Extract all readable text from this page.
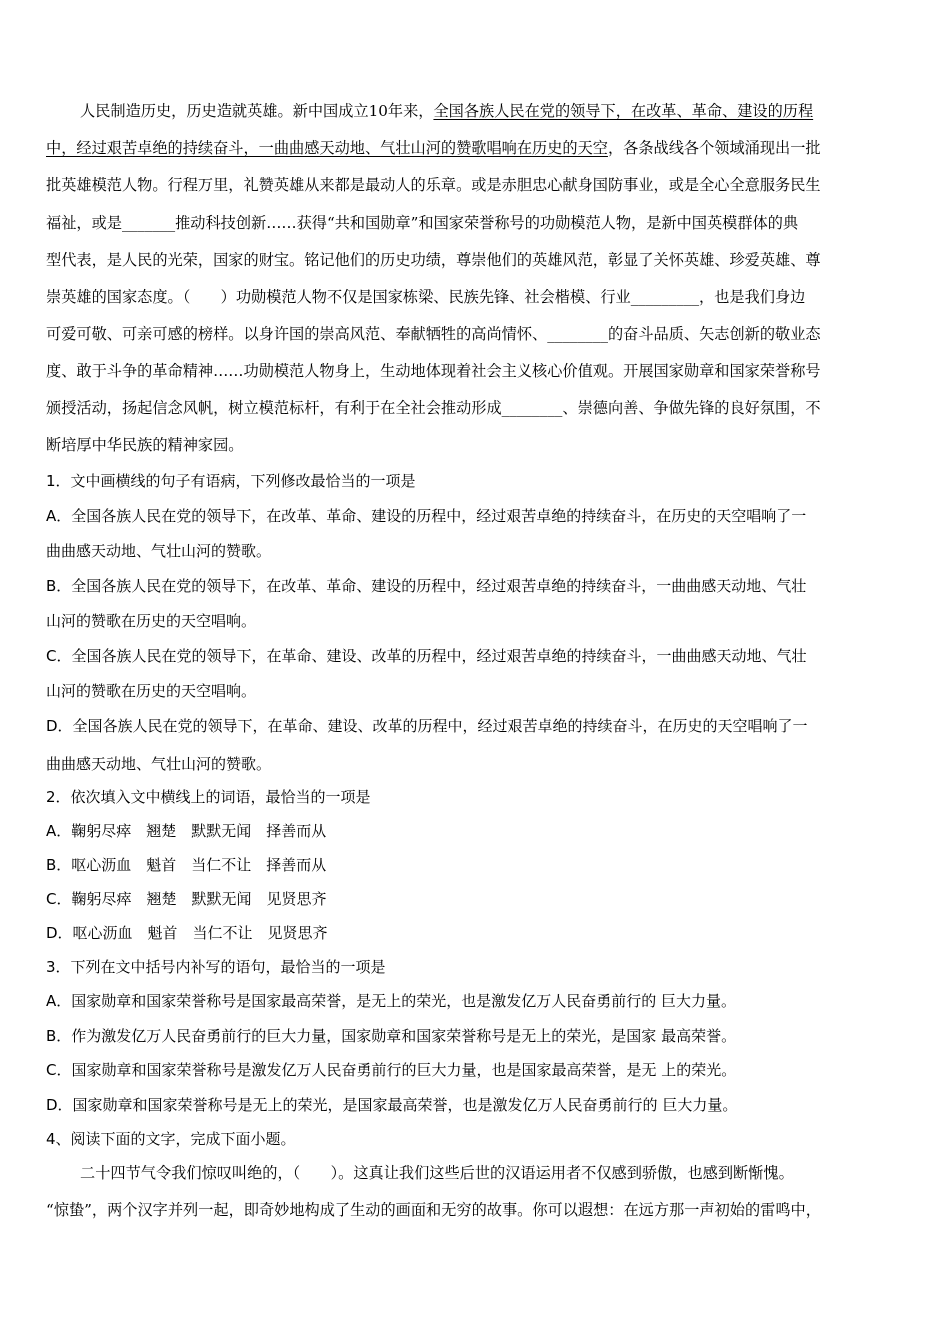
人民制造历史，历史造就英雄。新中国成立10年来，全国各族人民在党的领导下，在改革、革命、建设的历程
中，经过艰苦卓绝的持续奋斗，一曲曲感天动地、气壮山河的赞歌唱响在历史的天空，各条战线各个领域涌现出一批
批英雄模范人物。行程万里，礼赞英雄从来都是最动人的乐章。或是赤胆忠心献身国防事业，或是全心全意服务民生
福祉，或是_______推动科技创新……获得“共和国勋章”和国家荣誉称号的功勋模范人物，是新中国英模群体的典
型代表，是人民的光荣，国家的财宝。铭记他们的历史功绩，尊崇他们的英雄风范，彰显了关怀英雄、珍爱英雄、尊
崇英雄的国家态度。（　　）功勋模范人物不仅是国家栋梁、民族先锋、社会楷模、行业_________，也是我们身边
可爱可敬、可亲可感的榜样。以身许国的崇高风范、奉献牺牲的高尚情怀、________的奋斗品质、矢志创新的敬业态
度、敢于斗争的革命精神……功勋模范人物身上，生动地体现着社会主义核心价值观。开展国家勋章和国家荣誉称号
颁授活动，扬起信念风帆，树立模范标杆，有利于在全社会推动形成________、崇德向善、争做先锋的良好氛围，不
断培厚中华民族的精神家园。
1．文中画横线的句子有语病，下列修改最恰当的一项是
A．全国各族人民在党的领导下，在改革、革命、建设的历程中，经过艰苦卓绝的持续奋斗，在历史的天空唱响了一
曲曲感天动地、气壮山河的赞歌。
B．全国各族人民在党的领导下，在改革、革命、建设的历程中，经过艰苦卓绝的持续奋斗，一曲曲感天动地、气壮
山河的赞歌在历史的天空唱响。
C．全国各族人民在党的领导下，在革命、建设、改革的历程中，经过艰苦卓绝的持续奋斗，一曲曲感天动地、气壮
山河的赞歌在历史的天空唱响。
D．全国各族人民在党的领导下，在革命、建设、改革的历程中，经过艰苦卓绝的持续奋斗，在历史的天空唱响了一
曲曲感天动地、气壮山河的赞歌。
2．依次填入文中横线上的词语，最恰当的一项是
A．鞠躬尽瘁　翘楚　默默无闻　择善而从
B．呕心沥血　魁首　当仁不让　择善而从
C．鞠躬尽瘁　翘楚　默默无闻　见贤思齐
D．呕心沥血　魁首　当仁不让　见贤思齐
3．下列在文中括号内补写的语句，最恰当的一项是
A．国家勋章和国家荣誉称号是国家最高荣誉，是无上的荣光，也是激发亿万人民奋勇前行的 巨大力量。
B．作为激发亿万人民奋勇前行的巨大力量，国家勋章和国家荣誉称号是无上的荣光，是国家 最高荣誉。
C．国家勋章和国家荣誉称号是激发亿万人民奋勇前行的巨大力量，也是国家最高荣誉，是无 上的荣光。
D．国家勋章和国家荣誉称号是无上的荣光，是国家最高荣誉，也是激发亿万人民奋勇前行的 巨大力量。
4、阅读下面的文字，完成下面小题。
二十四节气令我们惊叹叫绝的，（　　）。这真让我们这些后世的汉语运用者不仅感到骄傲，也感到断惭愧。
“惊蛰”，两个汉字并列一起，即奇妙地构成了生动的画面和无穷的故事。你可以遐想：在远方那一声初始的雷鸣中，
